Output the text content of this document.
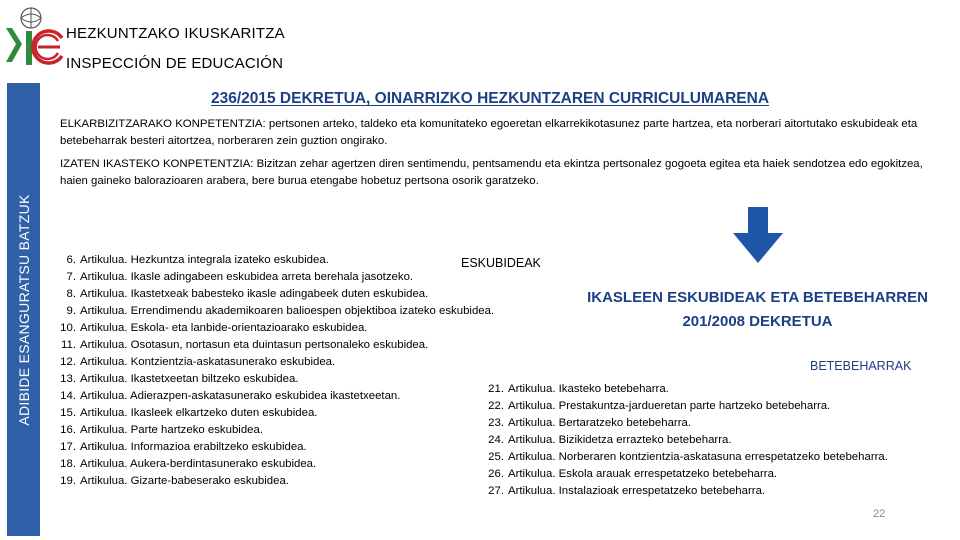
HEZKUNTZAKO IKUSKARITZA
INSPECCIÓN DE EDUCACIÓN
ADIBIDE ESANGURATSU BATZUK
236/2015 DEKRETUA, OINARRIZKO HEZKUNTZAREN CURRICULUMARENA
ELKARBIZITZARAKO KONPETENTZIA: pertsonen arteko, taldeko eta komunitateko egoeretan elkarrekikotasunez parte hartzea, eta norberari aitortutako eskubideak eta betebeharrak besteri aitortzea, norberaren zein guztion ongirako.
IZATEN IKASTEKO KONPETENTZIA: Bizitzan zehar agertzen diren sentimendu, pentsamendu eta ekintza pertsonalez gogoeta egitea eta haiek sendotzea edo egokitzea, haien gaineko balorazioaren arabera, bere burua etengabe hobetuz pertsona osorik garatzeko.
ESKUBIDEAK
6. Artikulua. Hezkuntza integrala izateko eskubidea.
7. Artikulua. Ikasle adingabeen eskubidea arreta berehala jasotzeko.
8. Artikulua. Ikastetxeak babesteko ikasle adingabeek duten eskubidea.
9. Artikulua. Errendimendu akademikoaren balioespen objektiboa izateko eskubidea.
10. Artikulua. Eskola- eta lanbide-orientazioarako eskubidea.
11. Artikulua. Osotasun, nortasun eta duintasun pertsonaleko eskubidea.
12. Artikulua. Kontzientzia-askatasunerako eskubidea.
13. Artikulua. Ikastetxeetan biltzeko eskubidea.
14. Artikulua. Adierazpen-askatasunerako eskubidea ikastetxeetan.
15. Artikulua. Ikasleek elkartzeko duten eskubidea.
16. Artikulua. Parte hartzeko eskubidea.
17. Artikulua. Informazioa erabiltzeko eskubidea.
18. Artikulua. Aukera-berdintasunerako eskubidea.
19. Artikulua. Gizarte-babeserako eskubidea.
IKASLEEN ESKUBIDEAK ETA BETEBEHARREN 201/2008 DEKRETUA
BETEBEHARRAK
21. Artikulua. Ikasteko betebeharra.
22. Artikulua. Prestakuntza-jardueretan parte hartzeko betebeharra.
23. Artikulua. Bertaratzeko betebeharra.
24. Artikulua. Bizikidetza errazteko betebeharra.
25. Artikulua. Norberaren kontzientzia-askatasuna errespetatzeko betebeharra.
26. Artikulua. Eskola arauak errespetatzeko betebeharra.
27. Artikulua. Instalazioak errespetatzeko betebeharra.
22
